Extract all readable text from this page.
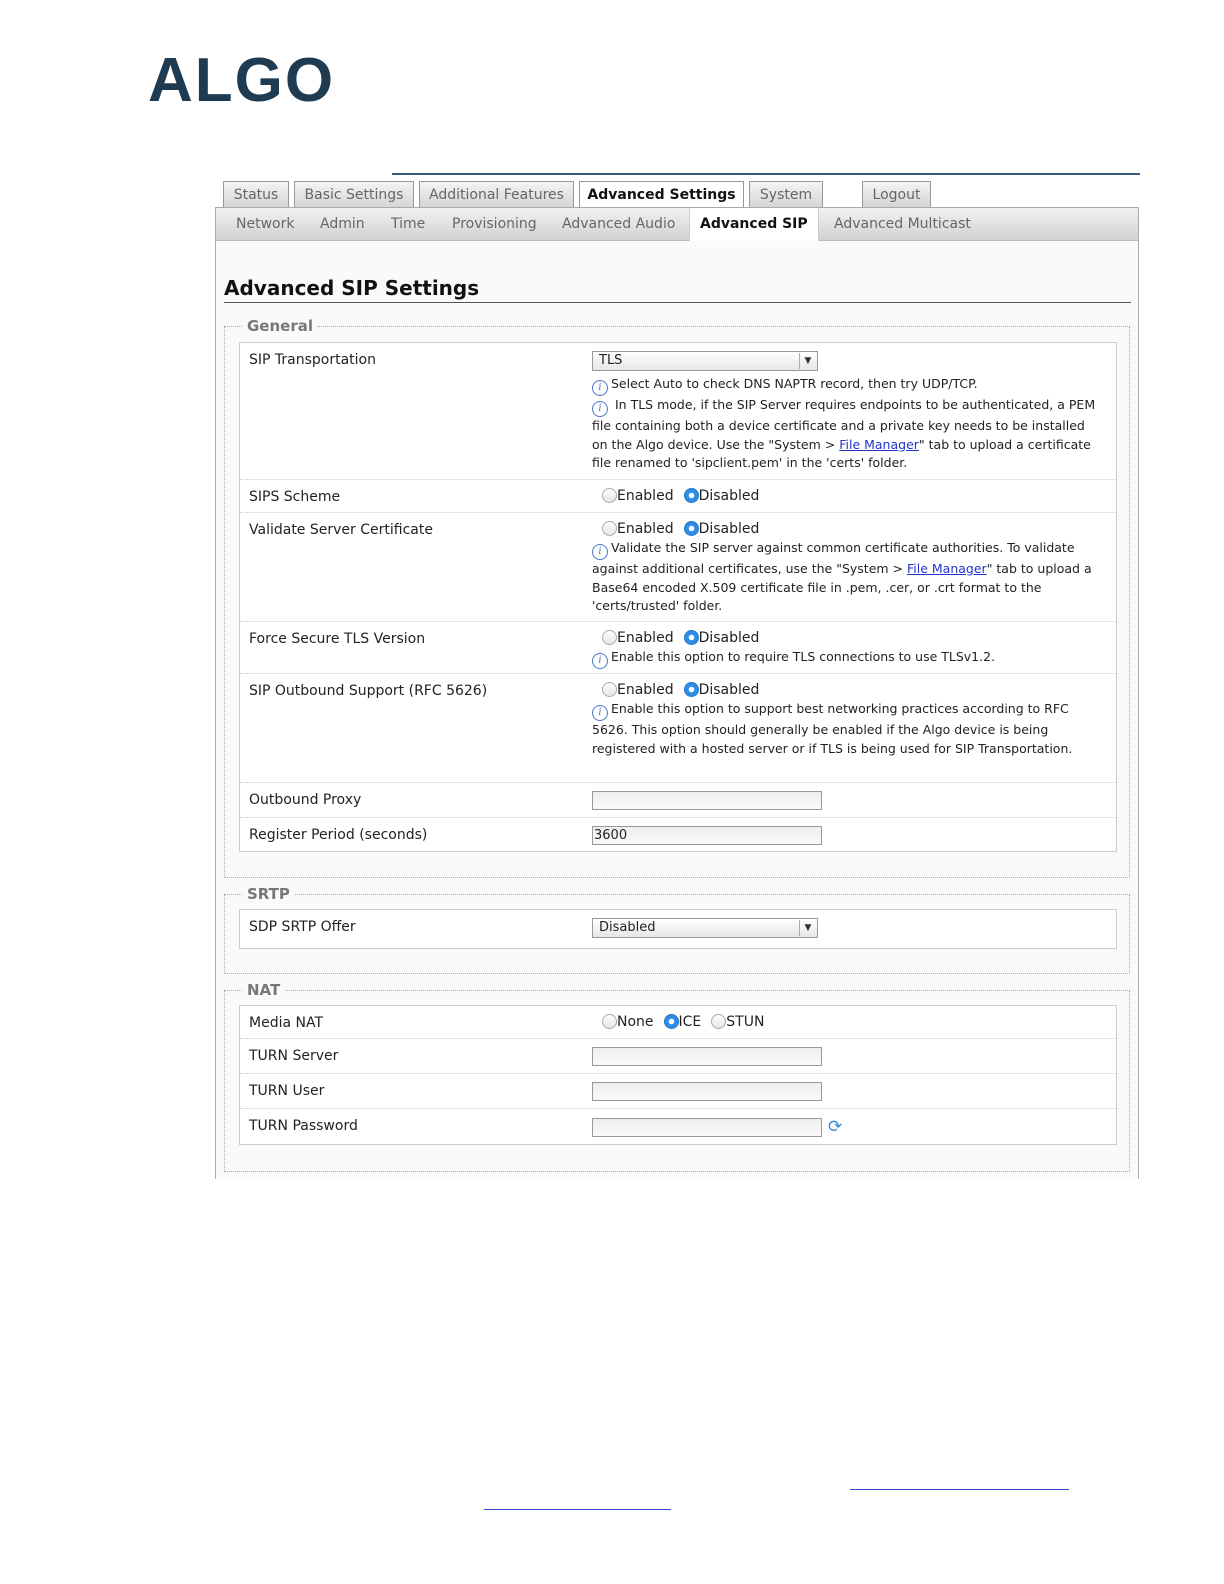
ALGO
Status	Basic Settings	Additional Features	Advanced Settings	System	Logout
Network Admin Time Provisioning Advanced Audio	Advanced SIP	Advanced Multicast
Advanced SIP Settings
General
SIP Transportation	TLS	▼
i Select Auto to check DNS NAPTR record, then try UDP/TCP.
i In TLS mode, if the SIP Server requires endpoints to be authenticated, a PEM file containing both a device certificate and a private key needs to be installed on the Algo device. Use the "System > File Manager" tab to upload a certificate file renamed to 'sipclient.pem' in the 'certs' folder.
SIPS Scheme	Enabled Disabled
Validate Server Certificate	Enabled Disabled
i Validate the SIP server against common certificate authorities. To validate against additional certificates, use the "System > File Manager" tab to upload a Base64 encoded X.509 certificate file in .pem, .cer, or .crt format to the 'certs/trusted' folder.
Force Secure TLS Version	Enabled Disabled
i Enable this option to require TLS connections to use TLSv1.2.
SIP Outbound Support (RFC 5626)	Enabled Disabled
i Enable this option to support best networking practices according to RFC 5626. This option should generally be enabled if the Algo device is being registered with a hosted server or if TLS is being used for SIP Transportation.
Outbound Proxy
Register Period (seconds)	3600
SRTP
SDP SRTP Offer	Disabled	▼
NAT
Media NAT	None ICE STUN
TURN Server
TURN User
TURN Password	⟳
